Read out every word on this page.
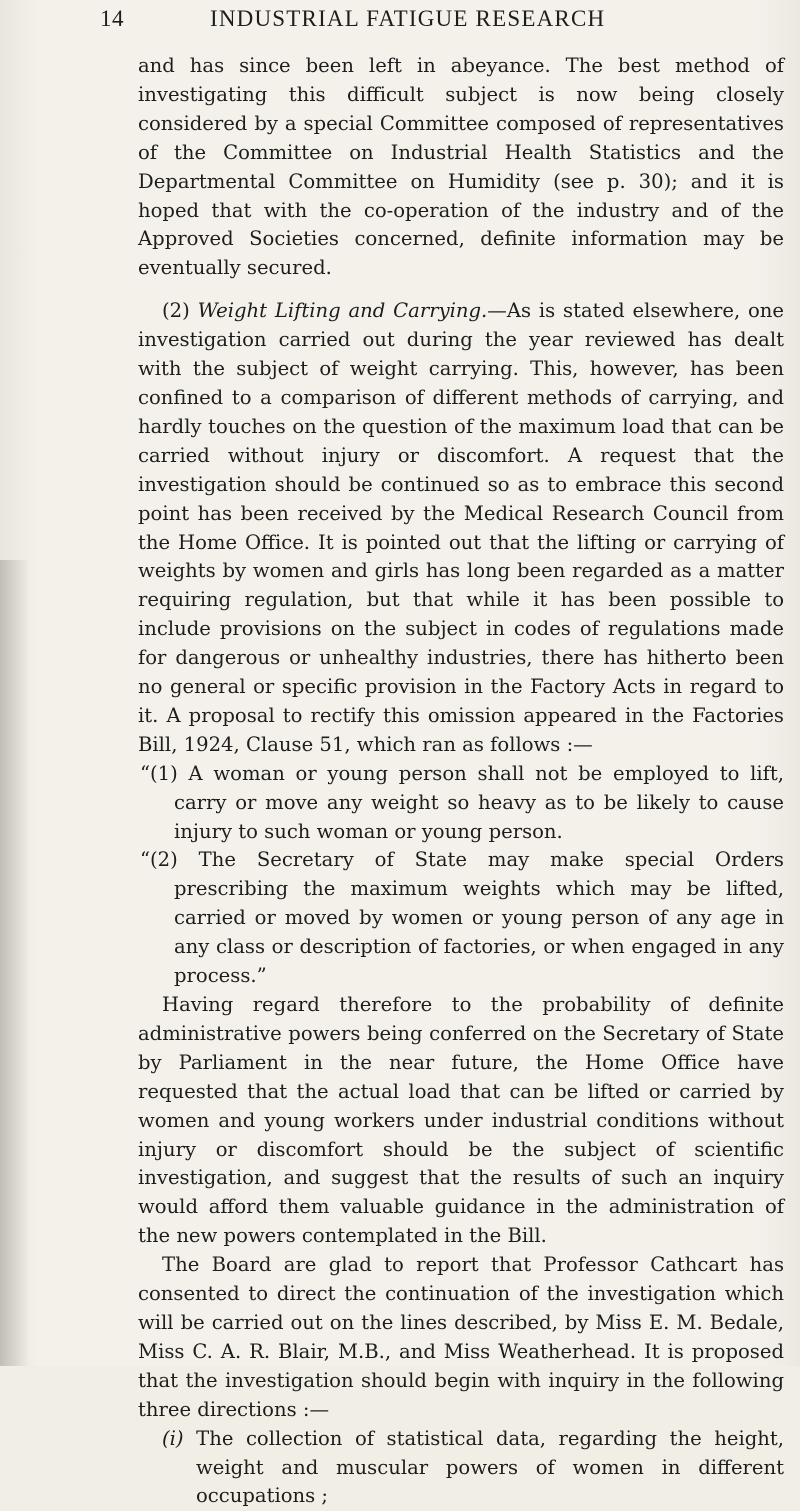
14	INDUSTRIAL FATIGUE RESEARCH

and has since been left in abeyance. The best method of investigating this difficult subject is now being closely considered by a special Committee composed of representatives of the Committee on Industrial Health Statistics and the Departmental Committee on Humidity (see p. 30); and it is hoped that with the co-operation of the industry and of the Approved Societies concerned, definite information may be eventually secured.

(2) Weight Lifting and Carrying.—As is stated elsewhere, one investigation carried out during the year reviewed has dealt with the subject of weight carrying. This, however, has been confined to a comparison of different methods of carrying, and hardly touches on the question of the maximum load that can be carried without injury or discomfort. A request that the investigation should be continued so as to embrace this second point has been received by the Medical Research Council from the Home Office. It is pointed out that the lifting or carrying of weights by women and girls has long been regarded as a matter requiring regulation, but that while it has been possible to include provisions on the subject in codes of regulations made for dangerous or unhealthy industries, there has hitherto been no general or specific provision in the Factory Acts in regard to it. A proposal to rectify this omission appeared in the Factories Bill, 1924, Clause 51, which ran as follows :—

“(1) A woman or young person shall not be employed to lift, carry or move any weight so heavy as to be likely to cause injury to such woman or young person.

“(2) The Secretary of State may make special Orders prescribing the maximum weights which may be lifted, carried or moved by women or young person of any age in any class or description of factories, or when engaged in any process.”

Having regard therefore to the probability of definite administrative powers being conferred on the Secretary of State by Parliament in the near future, the Home Office have requested that the actual load that can be lifted or carried by women and young workers under industrial conditions without injury or discomfort should be the subject of scientific investigation, and suggest that the results of such an inquiry would afford them valuable guidance in the administration of the new powers contemplated in the Bill.

The Board are glad to report that Professor Cathcart has consented to direct the continuation of the investigation which will be carried out on the lines described, by Miss E. M. Bedale, Miss C. A. R. Blair, M.B., and Miss Weatherhead. It is proposed that the investigation should begin with inquiry in the following three directions :—

(i) The collection of statistical data, regarding the height, weight and muscular powers of women in different occupations ;
